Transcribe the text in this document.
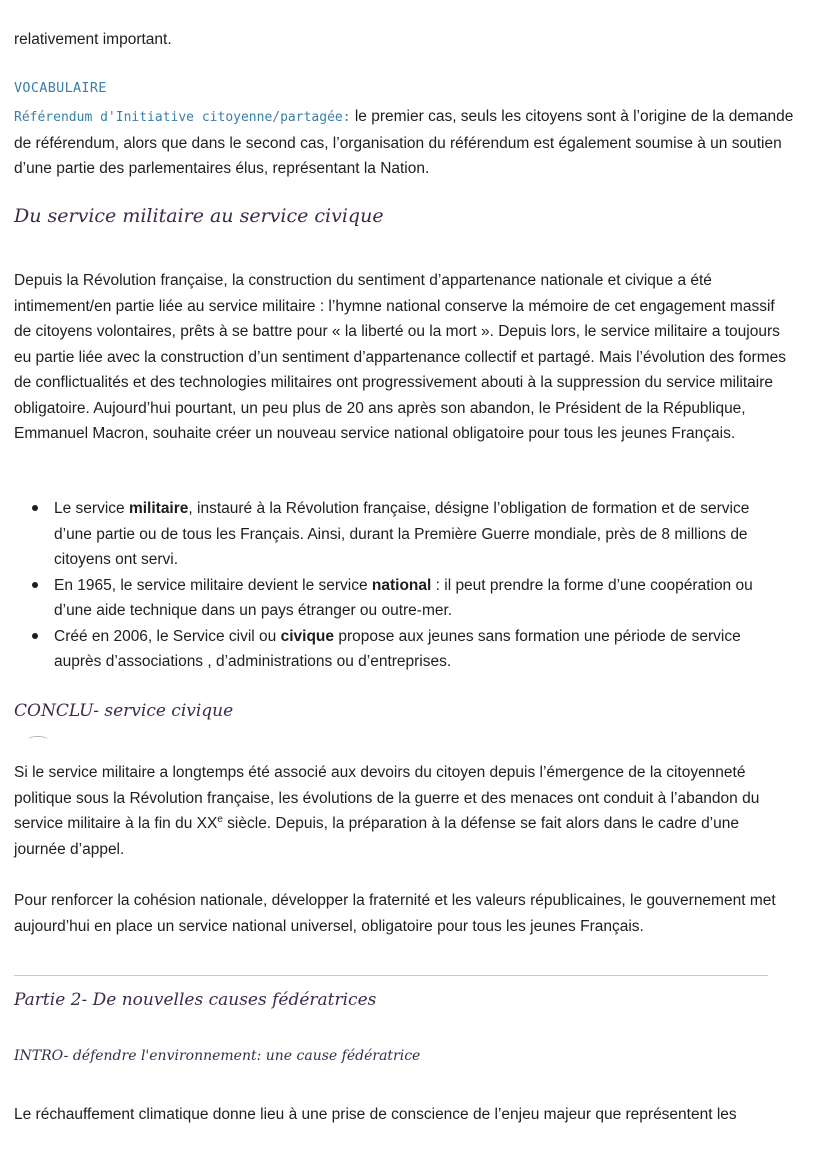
relativement important.

VOCABULAIRE

Référendum d'Initiative citoyenne/partagée: le premier cas, seuls les citoyens sont à l’origine de la demande de référendum, alors que dans le second cas, l’organisation du référendum est également soumise à un soutien d’une partie des parlementaires élus, représentant la Nation.

Du service militaire au service civique

Depuis la Révolution française, la construction du sentiment d’appartenance nationale et civique a été intimement/en partie liée au service militaire : l’hymne national conserve la mémoire de cet engagement massif de citoyens volontaires, prêts à se battre pour « la liberté ou la mort ». Depuis lors, le service militaire a toujours eu partie liée avec la construction d’un sentiment d’appartenance collectif et partagé. Mais l’évolution des formes de conflictualités et des technologies militaires ont progressivement abouti à la suppression du service militaire obligatoire. Aujourd’hui pourtant, un peu plus de 20 ans après son abandon, le Président de la République, Emmanuel Macron, souhaite créer un nouveau service national obligatoire pour tous les jeunes Français.

Le service militaire, instauré à la Révolution française, désigne l’obligation de formation et de service d’une partie ou de tous les Français. Ainsi, durant la Première Guerre mondiale, près de 8 millions de citoyens ont servi.
En 1965, le service militaire devient le service national : il peut prendre la forme d’une coopération ou d’une aide technique dans un pays étranger ou outre-mer.
Créé en 2006, le Service civil ou civique propose aux jeunes sans formation une période de service auprès d’associations , d’administrations ou d’entreprises.
CONCLU- service civique

Si le service militaire a longtemps été associé aux devoirs du citoyen depuis l’émergence de la citoyenneté politique sous la Révolution française, les évolutions de la guerre et des menaces ont conduit à l’abandon du service militaire à la fin du XXe siècle. Depuis, la préparation à la défense se fait alors dans le cadre d’une journée d’appel.

Pour renforcer la cohésion nationale, développer la fraternité et les valeurs républicaines, le gouvernement met aujourd’hui en place un service national universel, obligatoire pour tous les jeunes Français.

Partie 2- De nouvelles causes fédératrices
INTRO- défendre l'environnement: une cause fédératrice

Le réchauffement climatique donne lieu à une prise de conscience de l’enjeu majeur que représentent les
